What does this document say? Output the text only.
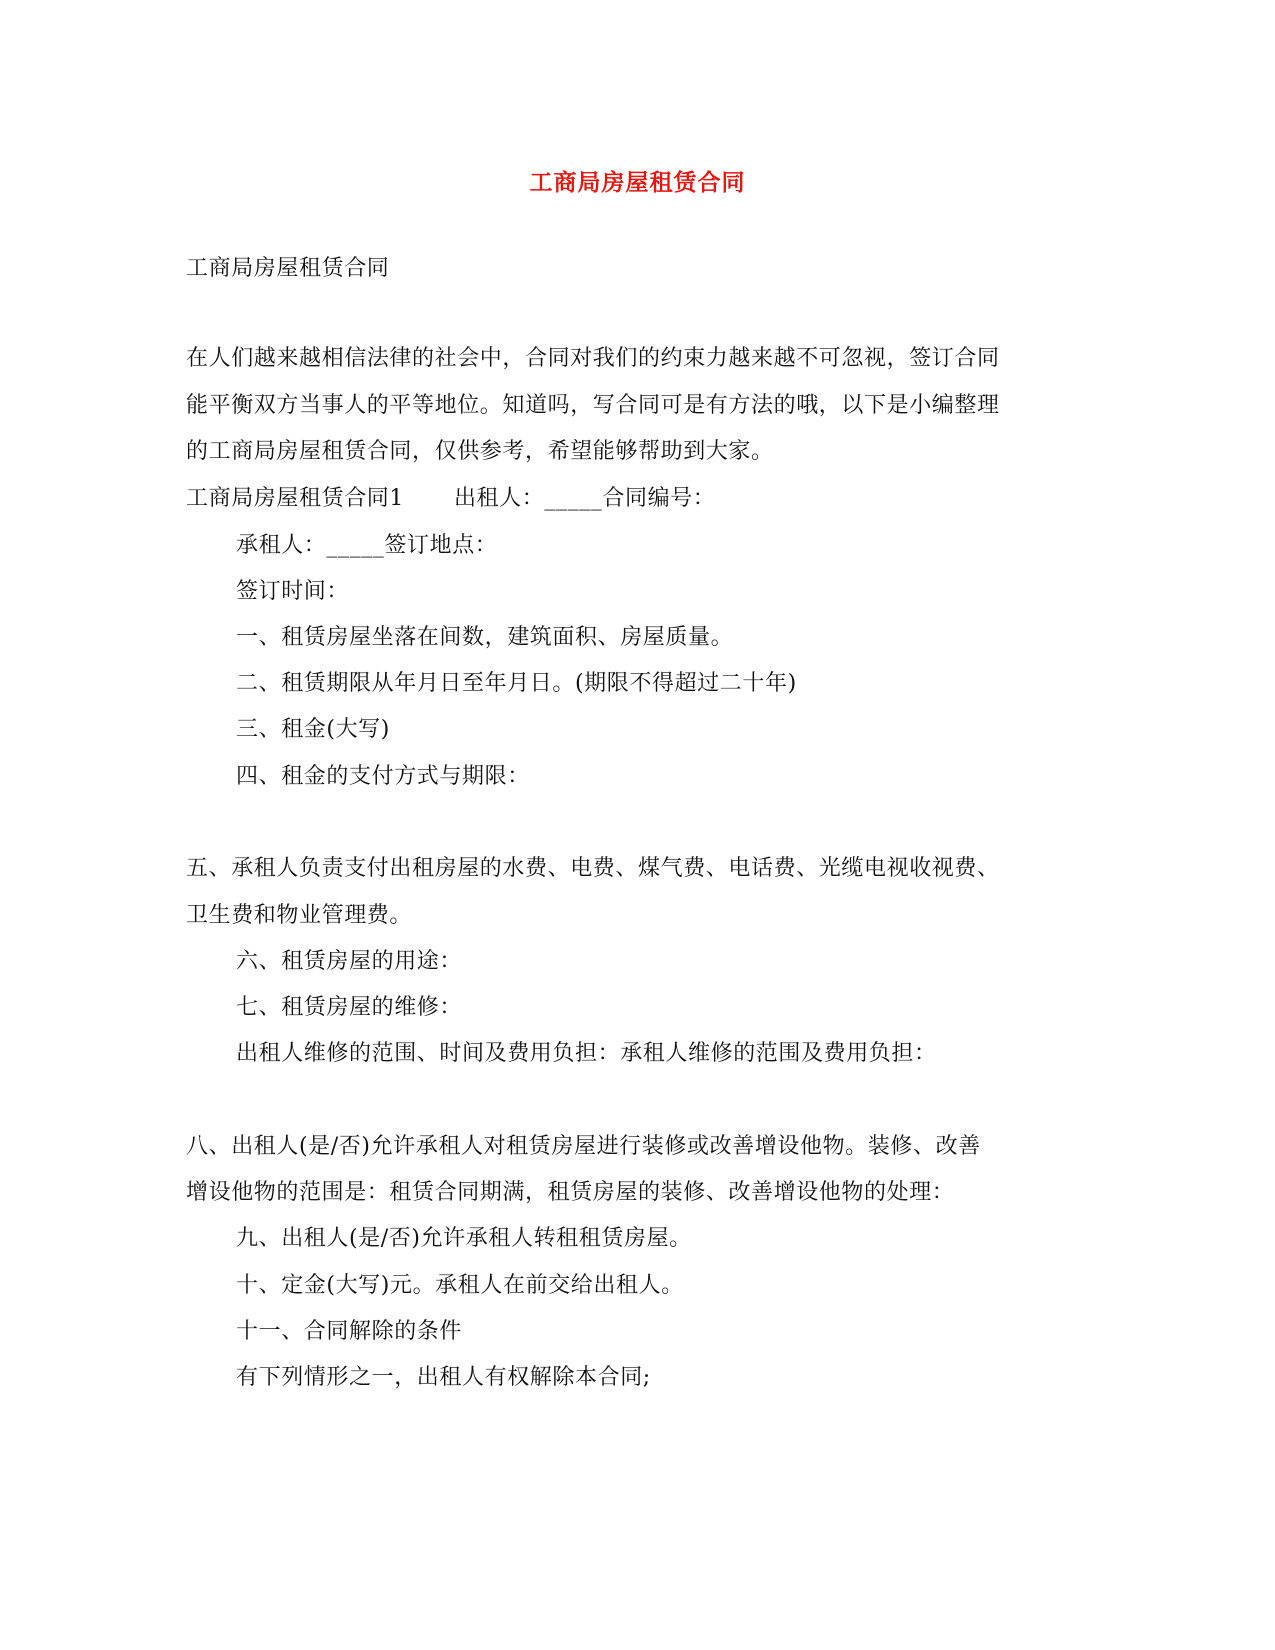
工商局房屋租赁合同
工商局房屋租赁合同
在人们越来越相信法律的社会中，合同对我们的约束力越来越不可忽视，签订合同
能平衡双方当事人的平等地位。知道吗，写合同可是有方法的哦，以下是小编整理
的工商局房屋租赁合同，仅供参考，希望能够帮助到大家。
工商局房屋租赁合同1 出租人：_____合同编号：
承租人：_____签订地点：
签订时间：
一、租赁房屋坐落在间数，建筑面积、房屋质量。
二、租赁期限从年月日至年月日。(期限不得超过二十年)
三、租金(大写)
四、租金的支付方式与期限：
五、承租人负责支付出租房屋的水费、电费、煤气费、电话费、光缆电视收视费、
卫生费和物业管理费。
六、租赁房屋的用途：
七、租赁房屋的维修：
出租人维修的范围、时间及费用负担：承租人维修的范围及费用负担：
八、出租人(是/否)允许承租人对租赁房屋进行装修或改善增设他物。装修、改善
增设他物的范围是：租赁合同期满，租赁房屋的装修、改善增设他物的处理：
九、出租人(是/否)允许承租人转租租赁房屋。
十、定金(大写)元。承租人在前交给出租人。
十一、合同解除的条件
有下列情形之一，出租人有权解除本合同;
